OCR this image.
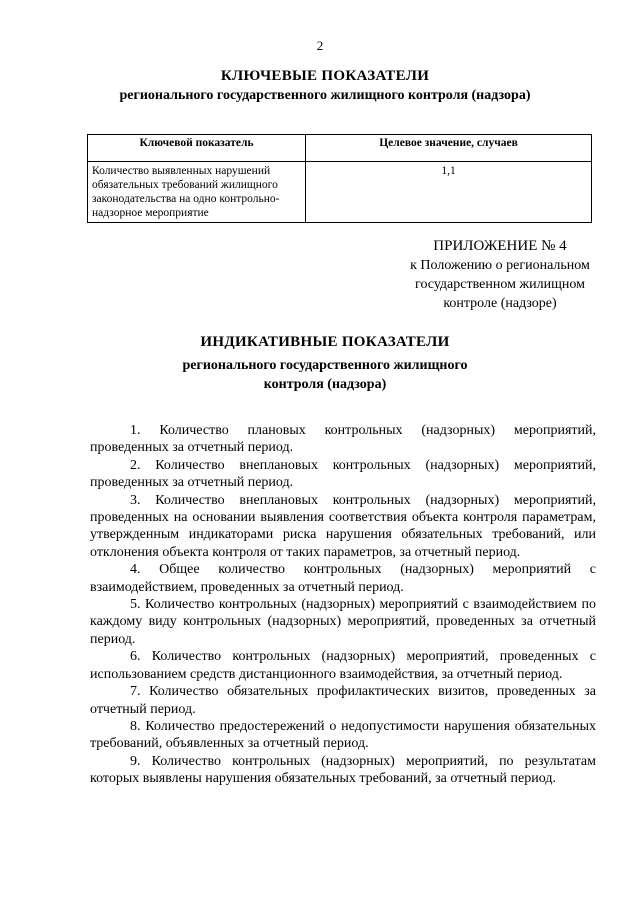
2
КЛЮЧЕВЫЕ ПОКАЗАТЕЛИ
регионального государственного жилищного контроля (надзора)
Ключевой показатель	Целевое значение, случаев
Количество выявленных нарушений обязательных требований жилищного законодательства на одно контрольно-надзорное мероприятие	1,1
ПРИЛОЖЕНИЕ № 4
к Положению о региональном
государственном жилищном
контроле (надзоре)
ИНДИКАТИВНЫЕ ПОКАЗАТЕЛИ
регионального государственного жилищного
контроля (надзора)

1. Количество плановых контрольных (надзорных) мероприятий, проведенных за отчетный период.

2. Количество внеплановых контрольных (надзорных) мероприятий, проведенных за отчетный период.

3. Количество внеплановых контрольных (надзорных) мероприятий, проведенных на основании выявления соответствия объекта контроля параметрам, утвержденным индикаторами риска нарушения обязательных требований, или отклонения объекта контроля от таких параметров, за отчетный период.

4. Общее количество контрольных (надзорных) мероприятий с взаимодействием, проведенных за отчетный период.

5. Количество контрольных (надзорных) мероприятий с взаимодействием по каждому виду контрольных (надзорных) мероприятий, проведенных за отчетный период.

6. Количество контрольных (надзорных) мероприятий, проведенных с использованием средств дистанционного взаимодействия, за отчетный период.

7. Количество обязательных профилактических визитов, проведенных за отчетный период.

8. Количество предостережений о недопустимости нарушения обязательных требований, объявленных за отчетный период.

9. Количество контрольных (надзорных) мероприятий, по результатам которых выявлены нарушения обязательных требований, за отчетный период.
